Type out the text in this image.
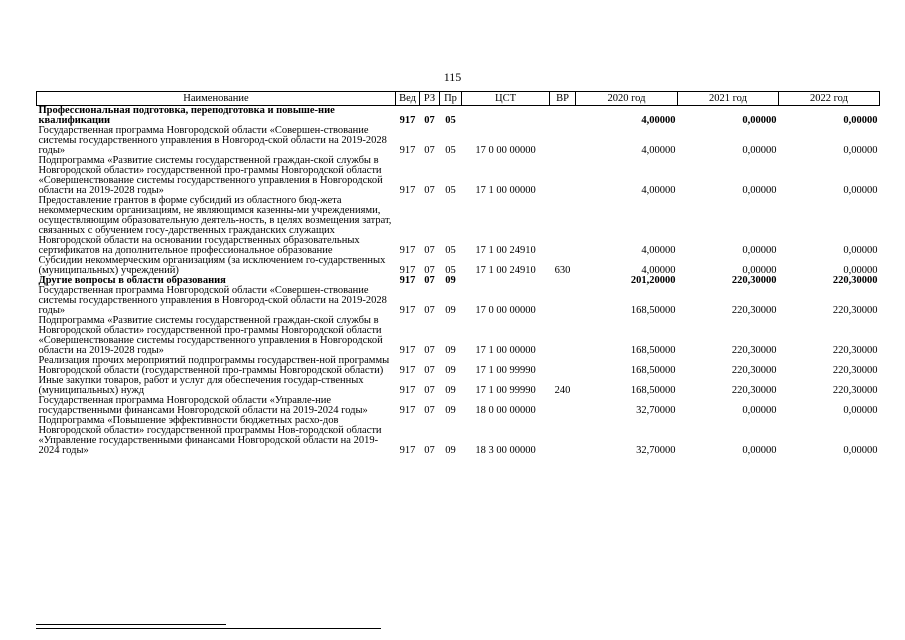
115
Наименование	Вед	РЗ	Пр	ЦСТ	ВР	2020 год	2021 год	2022 год
Профессиональная подготовка, переподготовка и повыше-ние квалификации	917	07	05			4,00000	0,00000	0,00000
Государственная программа Новгородской области «Совершен-ствование системы государственного управления в Новгород-ской области на 2019-2028 годы»	917	07	05	17 0 00 00000		4,00000	0,00000	0,00000
Подпрограмма «Развитие системы государственной граждан-ской службы в Новгородской области» государственной про-граммы Новгородской области «Совершенствование системы государственного управления в Новгородской области на 2019-2028 годы»	917	07	05	17 1 00 00000		4,00000	0,00000	0,00000
Предоставление грантов в форме субсидий из областного бюд-жета некоммерческим организациям, не являющимся казенны-ми учреждениями, осуществляющим образовательную деятель-ность, в целях возмещения затрат, связанных с обучением госу-дарственных гражданских служащих Новгородской области на основании государственных образовательных сертификатов на дополнительное профессиональное образование	917	07	05	17 1 00 24910		4,00000	0,00000	0,00000
Субсидии некоммерческим организациям (за исключением го-сударственных (муниципальных) учреждений)	917	07	05	17 1 00 24910	630	4,00000	0,00000	0,00000
Другие вопросы в области образования	917	07	09			201,20000	220,30000	220,30000
Государственная программа Новгородской области «Совершен-ствование системы государственного управления в Новгород-ской области на 2019-2028 годы»	917	07	09	17 0 00 00000		168,50000	220,30000	220,30000
Подпрограмма «Развитие системы государственной граждан-ской службы в Новгородской области» государственной про-граммы Новгородской области «Совершенствование системы государственного управления в Новгородской области на 2019-2028 годы»	917	07	09	17 1 00 00000		168,50000	220,30000	220,30000
Реализация прочих мероприятий подпрограммы государствен-ной программы Новгородской области (государственной про-граммы Новгородской области)	917	07	09	17 1 00 99990		168,50000	220,30000	220,30000
Иные закупки товаров, работ и услуг для обеспечения государ-ственных (муниципальных) нужд	917	07	09	17 1 00 99990	240	168,50000	220,30000	220,30000
Государственная программа Новгородской области «Управле-ние государственными финансами Новгородской области на 2019-2024 годы»	917	07	09	18 0 00 00000		32,70000	0,00000	0,00000
Подпрограмма «Повышение эффективности бюджетных расхо-дов Новгородской области» государственной программы Нов-городской области «Управление государственными финансами Новгородской области на 2019-2024 годы»	917	07	09	18 3 00 00000		32,70000	0,00000	0,00000
